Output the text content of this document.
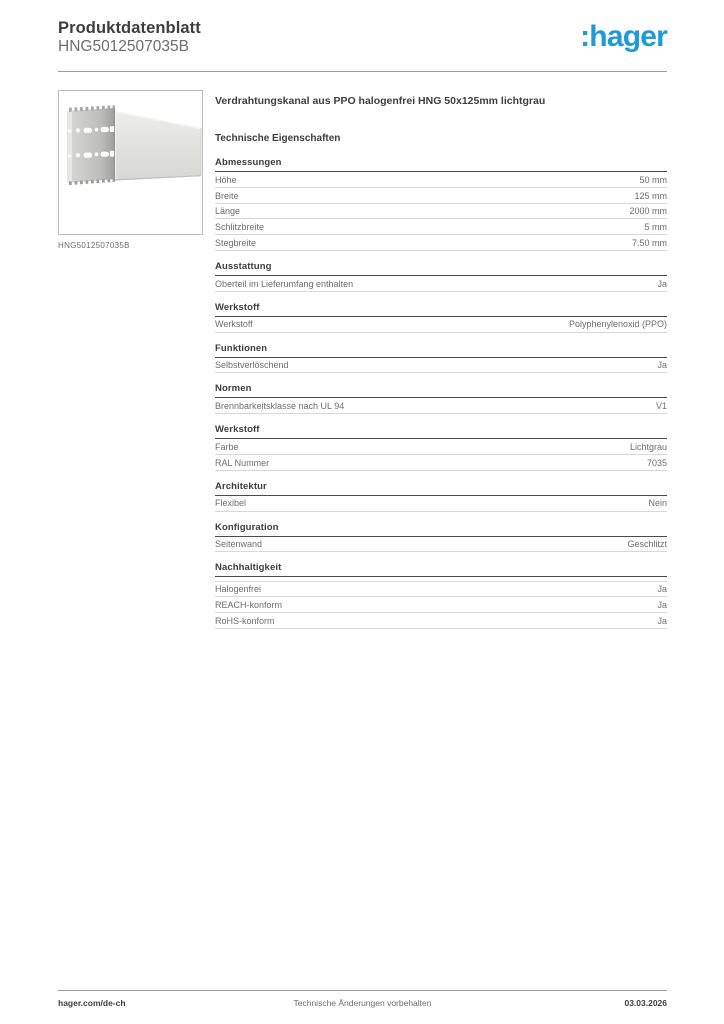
Produktdatenblatt
HNG5012507035B	:hager
HNG5012507035B
Verdrahtungskanal aus PPO halogenfrei HNG 50x125mm lichtgrau
Technische Eigenschaften
Abmessungen
Höhe	50 mm
Breite	125 mm
Länge	2000 mm
Schlitzbreite	5 mm
Stegbreite	7.50 mm
Ausstattung
Oberteil im Lieferumfang enthalten	Ja
Werkstoff
Werkstoff	Polyphenylenoxid (PPO)
Funktionen
Selbstverlöschend	Ja
Normen
Brennbarkeitsklasse nach UL 94	V1
Werkstoff
Farbe	Lichtgrau
RAL Nummer	7035
Architektur
Flexibel	Nein
Konfiguration
Seitenwand	Geschlitzt
Nachhaltigkeit
Halogenfrei	Ja
REACH-konform	Ja
RoHS-konform	Ja
hager.com/de-ch	Technische Änderungen vorbehalten	03.03.2026
